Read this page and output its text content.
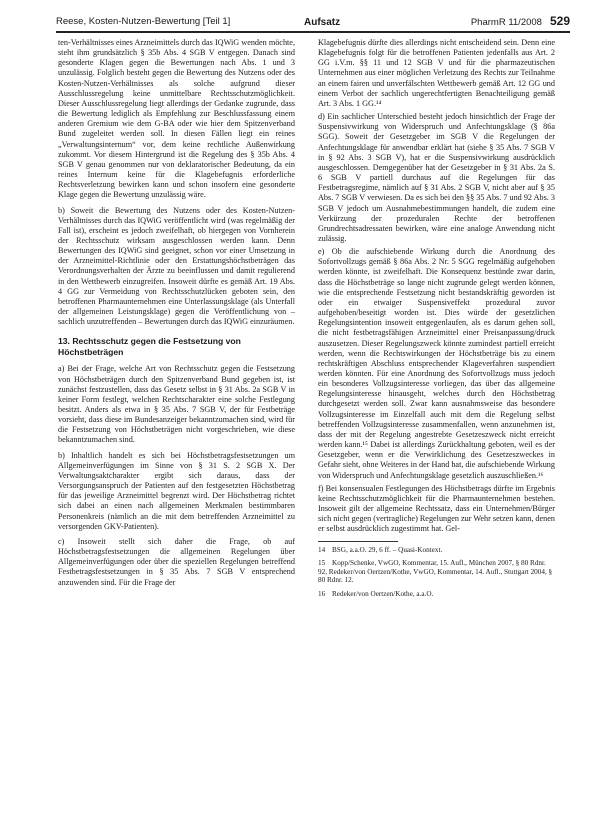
Reese, Kosten-Nutzen-Bewertung [Teil 1]	Aufsatz	PharmR 11/2008 529

ten-Verhältnisses eines Arzneimittels durch das IQWiG wenden möchte, steht ihm grundsätzlich § 35b Abs. 4 SGB V entgegen. Danach sind gesonderte Klagen gegen die Bewertungen nach Abs. 1 und 3 unzulässig. Folglich besteht gegen die Bewertung des Nutzens oder des Kosten-Nutzen-Verhältnisses als solche aufgrund dieser Ausschlussregelung keine unmittelbare Rechtsschutzmöglichkeit. Dieser Ausschlussregelung liegt allerdings der Gedanke zugrunde, dass die Bewertung lediglich als Empfehlung zur Beschlussfassung einem anderen Gremium wie dem G-BA oder wie hier dem Spitzenverband Bund zugeleitet werden soll. In diesen Fällen liegt ein reines „Verwaltungsinternum“ vor, dem keine rechtliche Außenwirkung zukommt. Vor diesem Hintergrund ist die Regelung des § 35b Abs. 4 SGB V genau genommen nur von deklaratorischer Bedeutung, da ein reines Internum keine für die Klagebefugnis erforderliche Rechtsverletzung bewirken kann und schon insofern eine gesonderte Klage gegen die Bewertung unzulässig wäre.

b) Soweit die Bewertung des Nutzens oder des Kosten-Nutzen-Verhältnisses durch das IQWiG veröffentlicht wird (was regelmäßig der Fall ist), erscheint es jedoch zweifelhaft, ob hiergegen von Vornherein der Rechtsschutz wirksam ausgeschlossen werden kann. Denn Bewertungen des IQWiG sind geeignet, schon vor einer Umsetzung in der Arzneimittel-Richtlinie oder den Erstattungshöchstbeträgen das Verordnungsverhalten der Ärzte zu beeinflussen und damit regulierend in den Wettbewerb einzugreifen. Insoweit dürfte es gemäß Art. 19 Abs. 4 GG zur Vermeidung von Rechtsschutzlücken geboten sein, den betroffenen Pharmaunternehmen eine Unterlassungsklage (als Unterfall der allgemeinen Leistungsklage) gegen die Veröffentlichung von – sachlich unzutreffenden – Bewertungen durch das IQWiG einzuräumen.

13. Rechtsschutz gegen die Festsetzung von Höchstbeträgen

a) Bei der Frage, welche Art von Rechtsschutz gegen die Festsetzung von Höchstbeträgen durch den Spitzenverband Bund gegeben ist, ist zunächst festzustellen, dass das Gesetz selbst in § 31 Abs. 2a SGB V in keiner Form festlegt, welchen Rechtscharakter eine solche Festlegung besitzt. Anders als etwa in § 35 Abs. 7 SGB V, der für Festbeträge vorsieht, dass diese im Bundesanzeiger bekanntzumachen sind, wird für die Festsetzung von Höchstbeträgen nicht vorgeschrieben, wie diese bekanntzumachen sind.

b) Inhaltlich handelt es sich bei Höchstbetragsfestsetzungen um Allgemeinverfügungen im Sinne von § 31 S. 2 SGB X. Der Verwaltungsaktcharakter ergibt sich daraus, dass der Versorgungsanspruch der Patienten auf den festgesetzten Höchstbetrag für das jeweilige Arzneimittel begrenzt wird. Der Höchstbetrag richtet sich dabei an einen nach allgemeinen Merkmalen bestimmbaren Personenkreis (nämlich an die mit dem betreffenden Arzneimittel zu versorgenden GKV-Patienten).

c) Insoweit stellt sich daher die Frage, ob auf Höchstbetragsfestsetzungen die allgemeinen Regelungen über Allgemeinverfügungen oder über die speziellen Regelungen betreffend Festbetragsfestsetzungen in § 35 Abs. 7 SGB V entsprechend anzuwenden sind. Für die Frage der

Klagebefugnis dürfte dies allerdings nicht entscheidend sein. Denn eine Klagebefugnis folgt für die betroffenen Patienten jedenfalls aus Art. 2 GG i.V.m. §§ 11 und 12 SGB V und für die pharmazeutischen Unternehmen aus einer möglichen Verletzung des Rechts zur Teilnahme an einem fairen und unverfälschten Wettbewerb gemäß Art. 12 GG und einem Verbot der sachlich ungerechtfertigten Benachteiligung gemäß Art. 3 Abs. 1 GG.¹⁴

d) Ein sachlicher Unterschied besteht jedoch hinsichtlich der Frage der Suspensivwirkung von Widerspruch und Anfechtungsklage (§ 86a SGG). Soweit der Gesetzgeber im SGB V die Regelungen der Anfechtungsklage für anwendbar erklärt hat (siehe § 35 Abs. 7 SGB V in § 92 Abs. 3 SGB V), hat er die Suspensivwirkung ausdrücklich ausgeschlossen. Demgegenüber hat der Gesetzgeber in § 31 Abs. 2a S. 6 SGB V partiell durchaus auf die Regelungen für das Festbetragsregime, nämlich auf § 31 Abs. 2 SGB V, nicht aber auf § 35 Abs. 7 SGB V verwiesen. Da es sich bei den §§ 35 Abs. 7 und 92 Abs. 3 SGB V jedoch um Ausnahmebestimmungen handelt, die zudem eine Verkürzung der prozeduralen Rechte der betroffenen Grundrechtsadressaten bewirken, wäre eine analoge Anwendung nicht zulässig.

e) Ob die aufschiebende Wirkung durch die Anordnung des Sofortvollzugs gemäß § 86a Abs. 2 Nr. 5 SGG regelmäßig aufgehoben werden könnte, ist zweifelhaft. Die Konsequenz bestünde zwar darin, dass die Höchstbeträge so lange nicht zugrunde gelegt werden können, wie die entsprechende Festsetzung nicht bestandskräftig geworden ist oder ein etwaiger Suspensiveffekt prozedural zuvor aufgehoben/beseitigt worden ist. Dies würde der gesetzlichen Regelungsintention insoweit entgegenlaufen, als es darum gehen soll, die nicht festbetragsfähigen Arzneimittel einer Preisanpassung/druck auszusetzen. Dieser Regelungszweck könnte zumindest partiell erreicht werden, wenn die Rechtswirkungen der Höchstbeträge bis zu einem rechtskräftigen Abschluss entsprechender Klageverfahren suspendiert werden könnten. Für eine Anordnung des Sofortvollzugs muss jedoch ein besonderes Vollzugsinteresse vorliegen, das über das allgemeine Regelungsinteresse hinausgeht, welches durch den Höchstbetrag durchgesetzt werden soll. Zwar kann ausnahmsweise das besondere Vollzugsinteresse im Einzelfall auch mit dem die Regelung selbst betreffenden Vollzugsinteresse zusammenfallen, wenn anzunehmen ist, dass der mit der Regelung angestrebte Gesetzeszweck nicht erreicht werden kann.¹⁵ Dabei ist allerdings Zurückhaltung geboten, weil es der Gesetzgeber, wenn er die Verwirklichung des Gesetzeszweckes in Gefahr sieht, ohne Weiteres in der Hand hat, die aufschiebende Wirkung von Widerspruch und Anfechtungsklage gesetzlich auszuschließen.¹⁶

f) Bei konsensualen Festlegungen des Höchstbetrags dürfte im Ergebnis keine Rechtsschutzmöglichkeit für die Pharmaunternehmen bestehen. Insoweit gilt der allgemeine Rechtssatz, dass ein Unternehmen/Bürger sich nicht gegen (vertragliche) Regelungen zur Wehr setzen kann, denen er selbst ausdrücklich zugestimmt hat. Gel-

14 BSG, a.a.O. 29, 6 ff. – Quasi-Kontext.

15 Kopp/Schenke, VwGO, Kommentar, 15. Aufl., München 2007, § 80 Rdnr. 92, Redeker/von Oertzen/Kothe, VwGO, Kommentar, 14. Aufl., Stuttgart 2004, § 80 Rdnr. 12.

16 Redeker/von Oertzen/Kothe, a.a.O.
